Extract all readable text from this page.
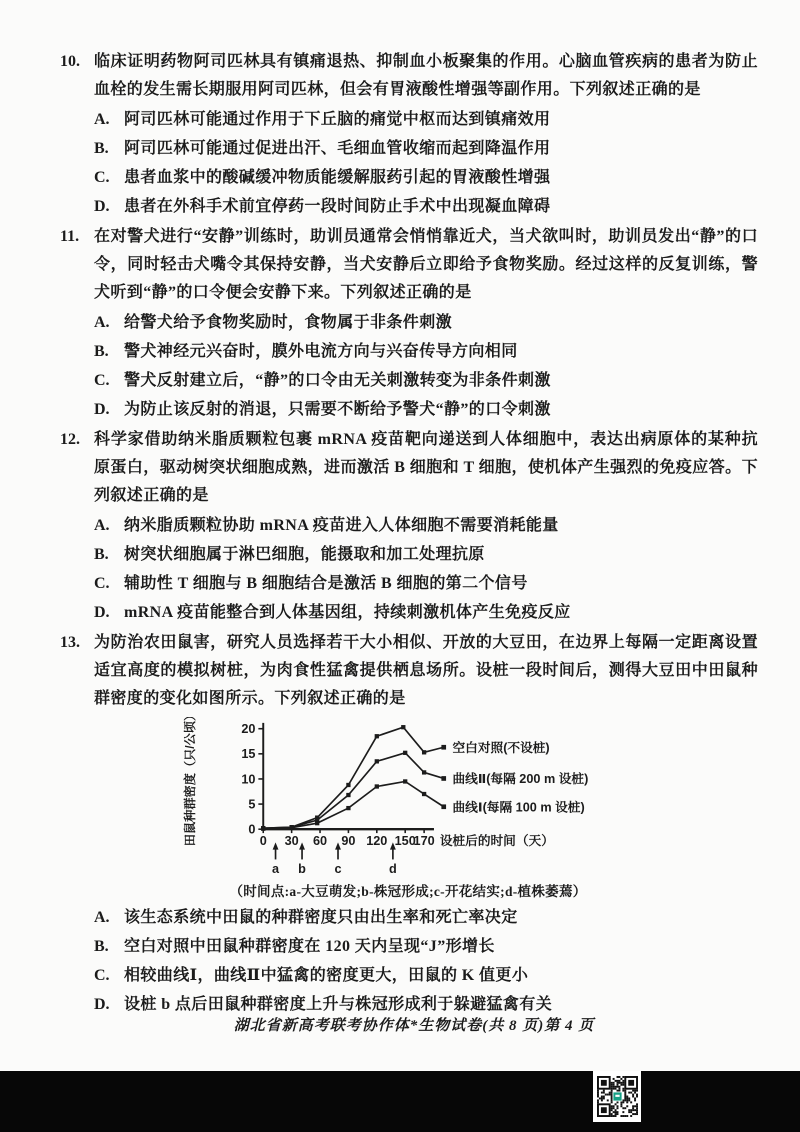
10. 临床证明药物阿司匹林具有镇痛退热、抑制血小板聚集的作用。心脑血管疾病的患者为防止血栓的发生需长期服用阿司匹林，但会有胃液酸性增强等副作用。下列叙述正确的是
A. 阿司匹林可能通过作用于下丘脑的痛觉中枢而达到镇痛效用
B. 阿司匹林可能通过促进出汗、毛细血管收缩而起到降温作用
C. 患者血浆中的酸碱缓冲物质能缓解服药引起的胃液酸性增强
D. 患者在外科手术前宜停药一段时间防止手术中出现凝血障碍
11. 在对警犬进行“安静”训练时，助训员通常会悄悄靠近犬，当犬欲叫时，助训员发出“静”的口令，同时轻击犬嘴令其保持安静，当犬安静后立即给予食物奖励。经过这样的反复训练，警犬听到“静”的口令便会安静下来。下列叙述正确的是
A. 给警犬给予食物奖励时，食物属于非条件刺激
B. 警犬神经元兴奋时，膜外电流方向与兴奋传导方向相同
C. 警犬反射建立后，“静”的口令由无关刺激转变为非条件刺激
D. 为防止该反射的消退，只需要不断给予警犬“静”的口令刺激
12. 科学家借助纳米脂质颗粒包裹 mRNA 疫苗靶向递送到人体细胞中，表达出病原体的某种抗原蛋白，驱动树突状细胞成熟，进而激活 B 细胞和 T 细胞，使机体产生强烈的免疫应答。下列叙述正确的是
A. 纳米脂质颗粒协助 mRNA 疫苗进入人体细胞不需要消耗能量
B. 树突状细胞属于淋巴细胞，能摄取和加工处理抗原
C. 辅助性 T 细胞与 B 细胞结合是激活 B 细胞的第二个信号
D. mRNA 疫苗能整合到人体基因组，持续刺激机体产生免疫反应
13. 为防治农田鼠害，研究人员选择若干大小相似、开放的大豆田，在边界上每隔一定距离设置适宜高度的模拟树桩，为肉食性猛禽提供栖息场所。设桩一段时间后，测得大豆田中田鼠种群密度的变化如图所示。下列叙述正确的是
0
5
10
15
20
0 30 60 90 120 150
170 设桩后的时间（天）
田鼠种群密度（只/公顷）	空白对照(不设桩)
曲线Ⅱ(每隔 200 m 设桩)
曲线Ⅰ(每隔 100 m 设桩)
a b c	d
（时间点:a-大豆萌发;b-株冠形成;c-开花结实;d-植株萎蔫）
A. 该生态系统中田鼠的种群密度只由出生率和死亡率决定
B. 空白对照中田鼠种群密度在 120 天内呈现“J”形增长
C. 相较曲线Ⅰ，曲线Ⅱ中猛禽的密度更大，田鼠的 K 值更小
D. 设桩 b 点后田鼠种群密度上升与株冠形成利于躲避猛禽有关
湖北省新高考联考协作体*生物试卷(共 8 页)第 4 页
